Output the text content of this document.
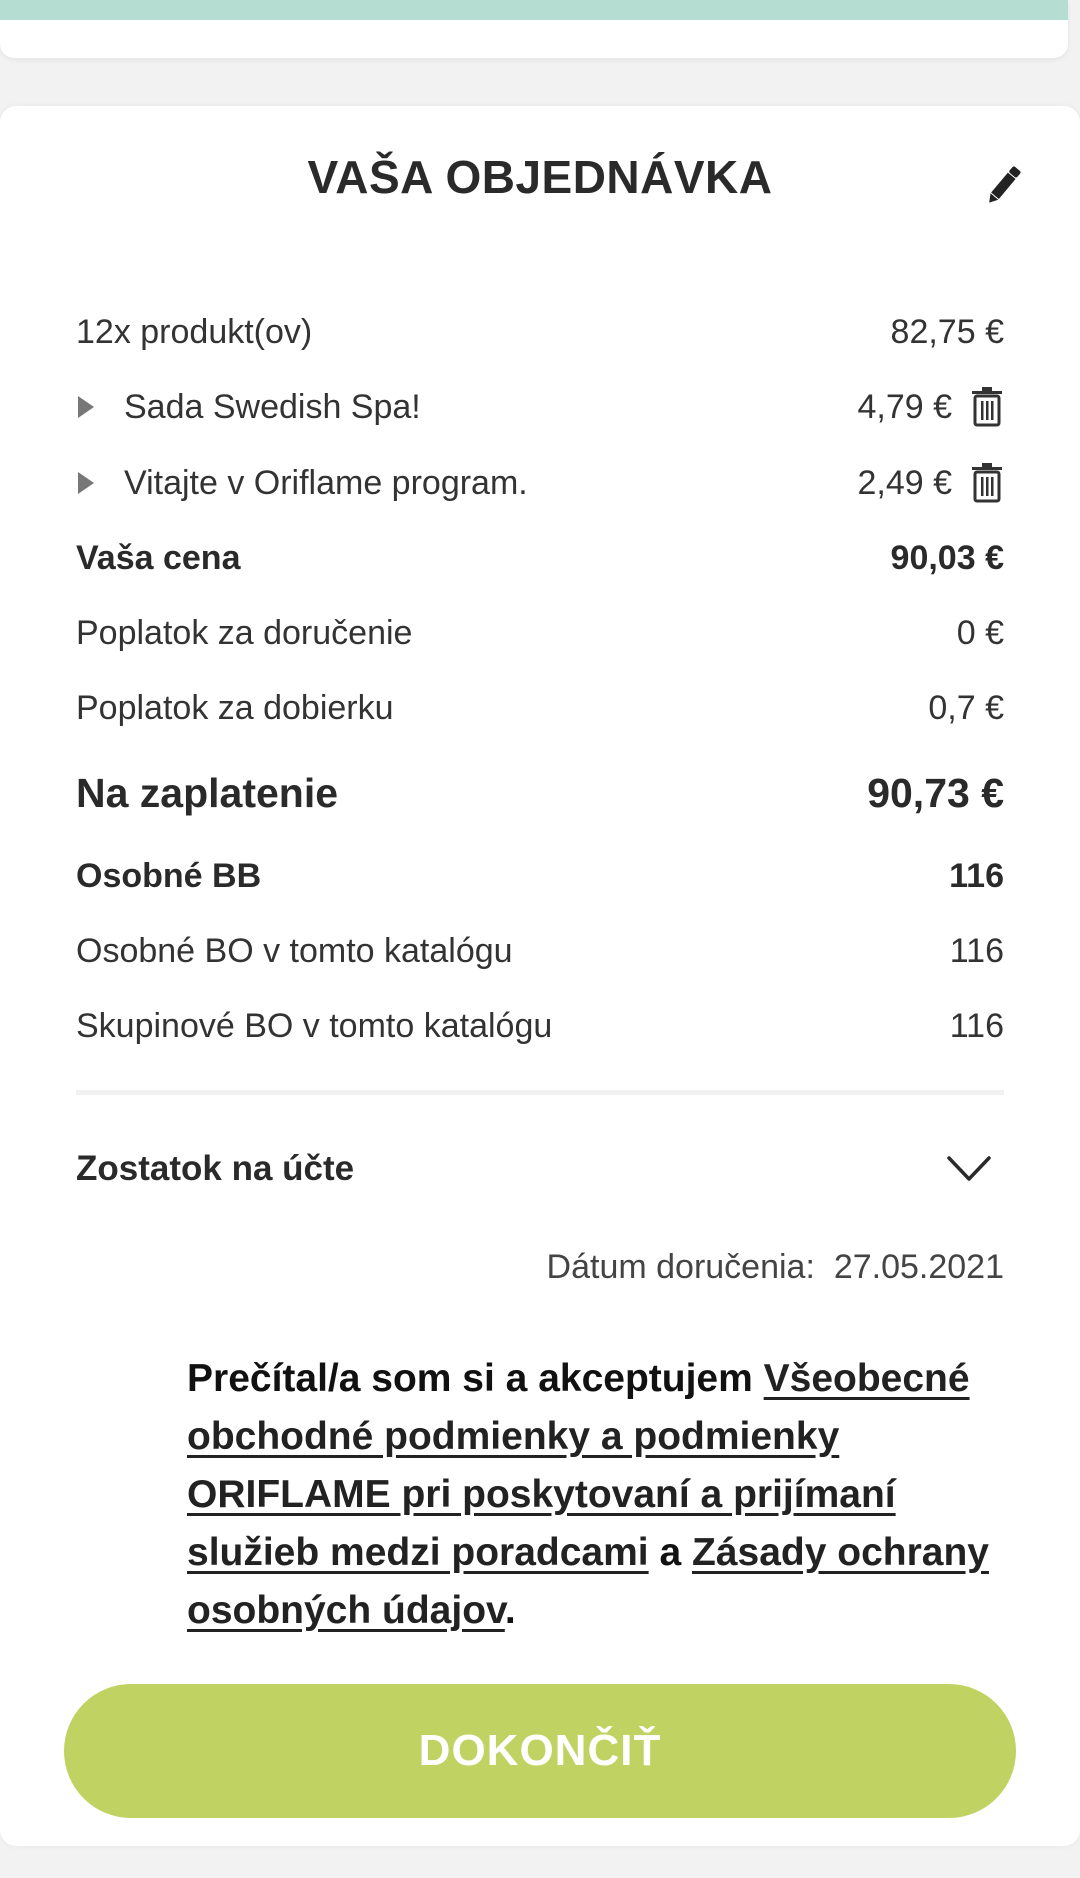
VAŠA OBJEDNÁVKA
12x produkt(ov)	82,75 €
Sada Swedish Spa!	4,79 €
Vitajte v Oriflame program.	2,49 €
Vaša cena	90,03 €
Poplatok za doručenie	0 €
Poplatok za dobierku	0,7 €
Na zaplatenie	90,73 €
Osobné BB	116
Osobné BO v tomto katalógu	116
Skupinové BO v tomto katalógu	116
Zostatok na účte
Dátum doručenia: 27.05.2021
Prečítal/a som si a akceptujem Všeobecné obchodné podmienky a podmienky ORIFLAME pri poskytovaní a prijímaní služieb medzi poradcami a Zásady ochrany osobných údajov.
DOKONČIŤ
